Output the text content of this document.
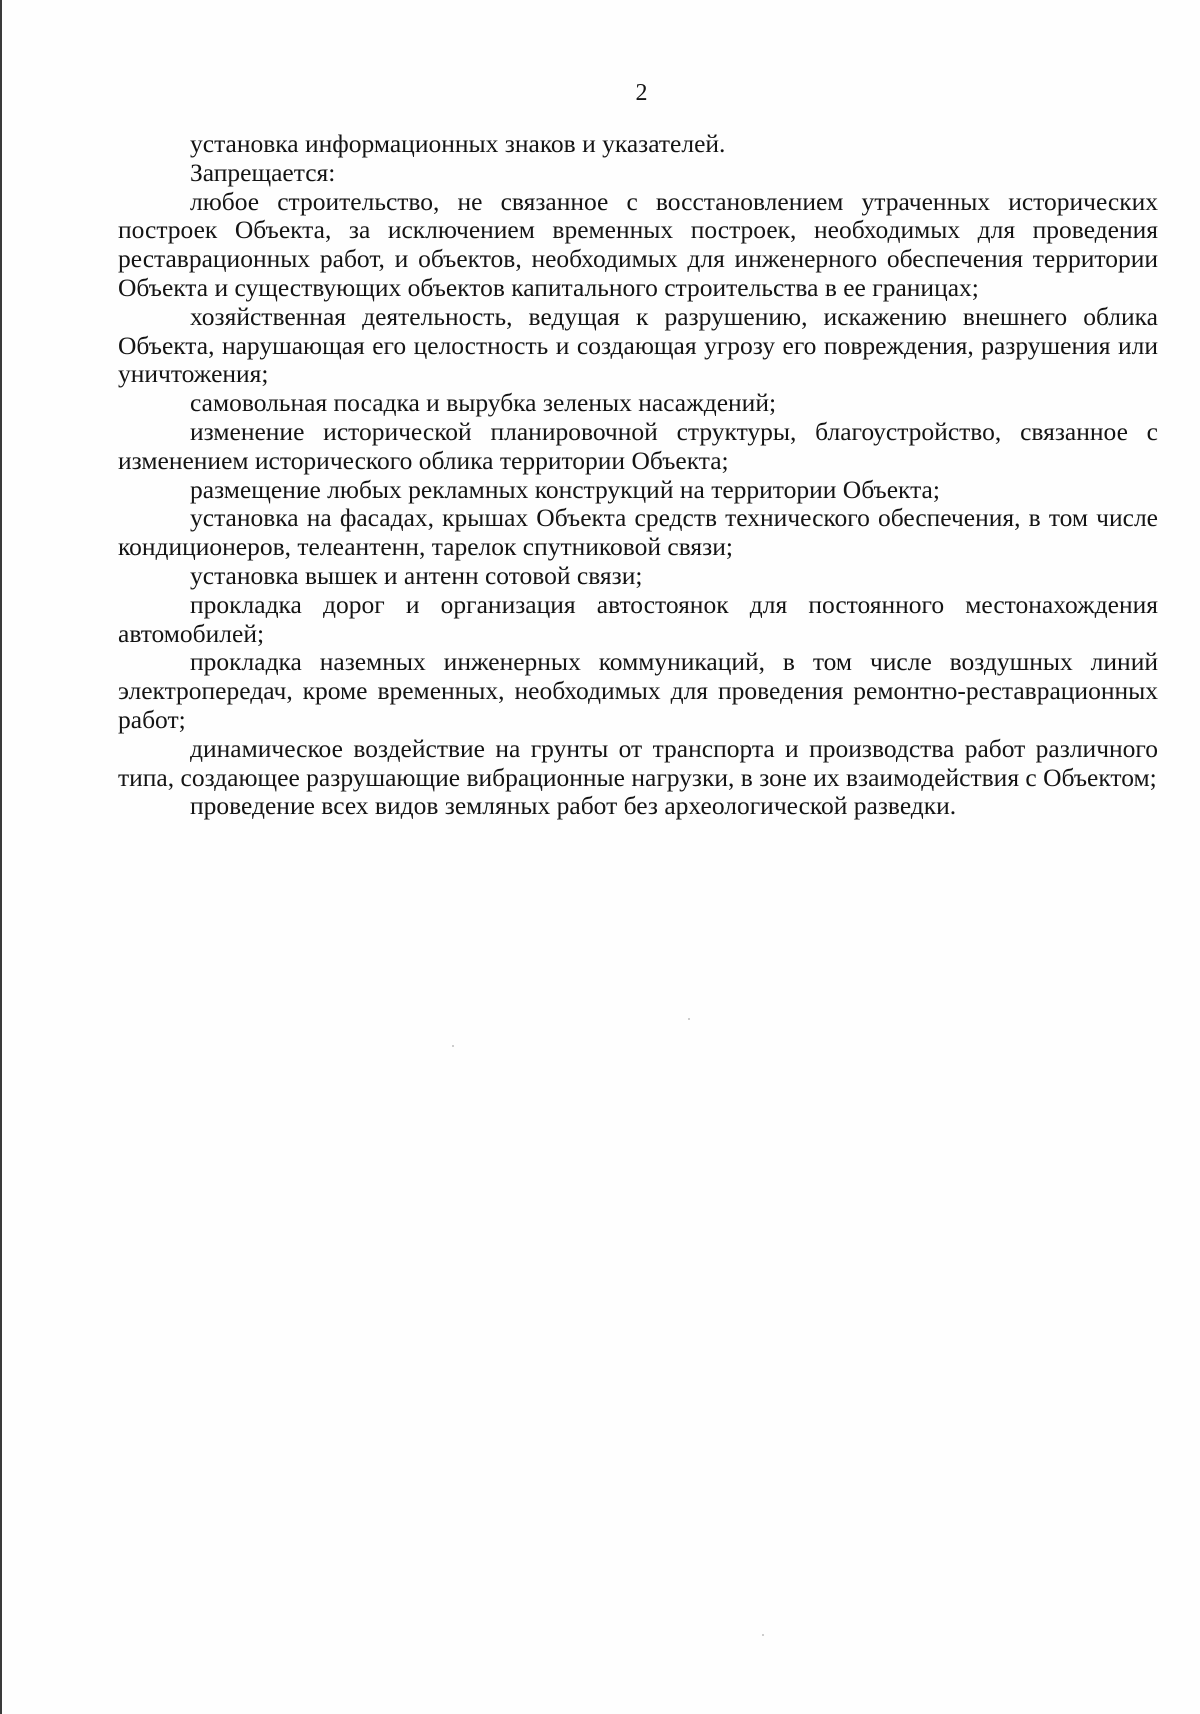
2

установка информационных знаков и указателей.

Запрещается:

любое строительство, не связанное с восстановлением утраченных исторических построек Объекта, за исключением временных построек, необходимых для проведения реставрационных работ, и объектов, необходимых для инженерного обеспечения территории Объекта и существующих объектов капитального строительства в ее границах;

хозяйственная деятельность, ведущая к разрушению, искажению внешнего облика Объекта, нарушающая его целостность и создающая угрозу его повреждения, разрушения или уничтожения;

самовольная посадка и вырубка зеленых насаждений;

изменение исторической планировочной структуры, благоустройство, связанное с изменением исторического облика территории Объекта;

размещение любых рекламных конструкций на территории Объекта;

установка на фасадах, крышах Объекта средств технического обеспечения, в том числе кондиционеров, телеантенн, тарелок спутниковой связи;

установка вышек и антенн сотовой связи;

прокладка дорог и организация автостоянок для постоянного местонахождения автомобилей;

прокладка наземных инженерных коммуникаций, в том числе воздушных линий электропередач, кроме временных, необходимых для проведения ремонтно-реставрационных работ;

динамическое воздействие на грунты от транспорта и производства работ различного типа, создающее разрушающие вибрационные нагрузки, в зоне их взаимодействия с Объектом;

проведение всех видов земляных работ без археологической разведки.
